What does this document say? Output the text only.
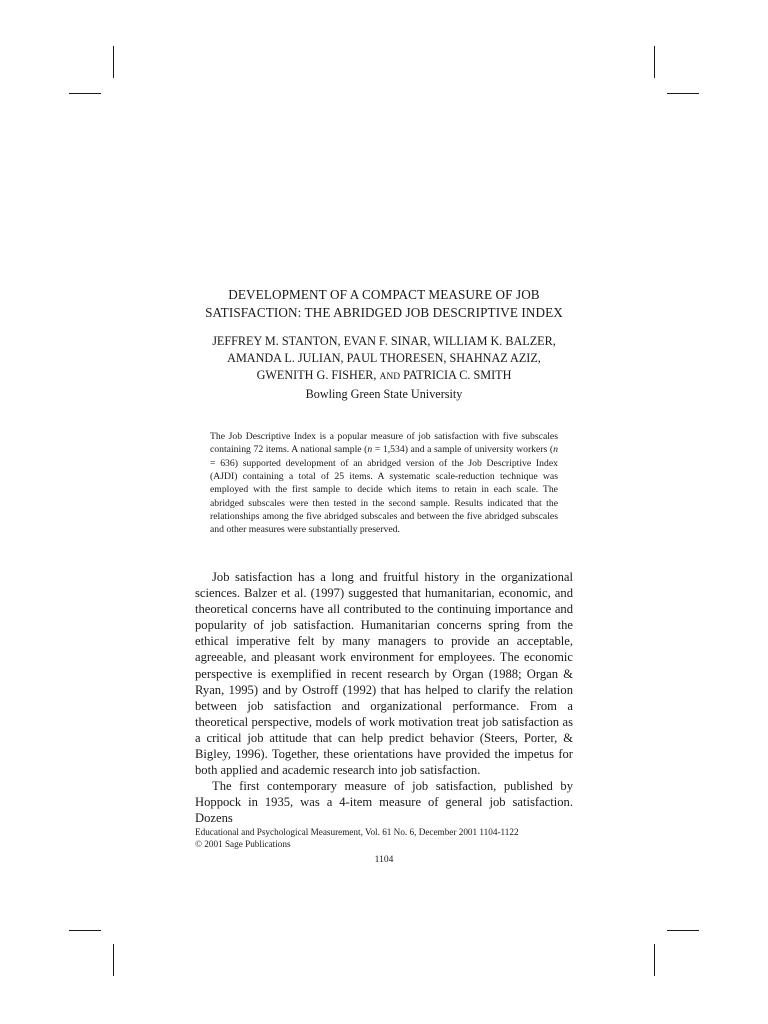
DEVELOPMENT OF A COMPACT MEASURE OF JOB
SATISFACTION: THE ABRIDGED JOB DESCRIPTIVE INDEX
JEFFREY M. STANTON, EVAN F. SINAR, WILLIAM K. BALZER,
AMANDA L. JULIAN, PAUL THORESEN, SHAHNAZ AZIZ,
GWENITH G. FISHER, AND PATRICIA C. SMITH
Bowling Green State University

The Job Descriptive Index is a popular measure of job satisfaction with five subscales containing 72 items. A national sample (n = 1,534) and a sample of university workers (n = 636) supported development of an abridged version of the Job Descriptive Index (AJDI) containing a total of 25 items. A systematic scale-reduction technique was employed with the first sample to decide which items to retain in each scale. The abridged subscales were then tested in the second sample. Results indicated that the relationships among the five abridged subscales and between the five abridged subscales and other measures were substantially preserved.

Job satisfaction has a long and fruitful history in the organizational sciences. Balzer et al. (1997) suggested that humanitarian, economic, and theoretical concerns have all contributed to the continuing importance and popularity of job satisfaction. Humanitarian concerns spring from the ethical imperative felt by many managers to provide an acceptable, agreeable, and pleasant work environment for employees. The economic perspective is exemplified in recent research by Organ (1988; Organ & Ryan, 1995) and by Ostroff (1992) that has helped to clarify the relation between job satisfaction and organizational performance. From a theoretical perspective, models of work motivation treat job satisfaction as a critical job attitude that can help predict behavior (Steers, Porter, & Bigley, 1996). Together, these orientations have provided the impetus for both applied and academic research into job satisfaction.

The first contemporary measure of job satisfaction, published by Hoppock in 1935, was a 4-item measure of general job satisfaction. Dozens

Educational and Psychological Measurement, Vol. 61 No. 6, December 2001 1104-1122
© 2001 Sage Publications
1104
